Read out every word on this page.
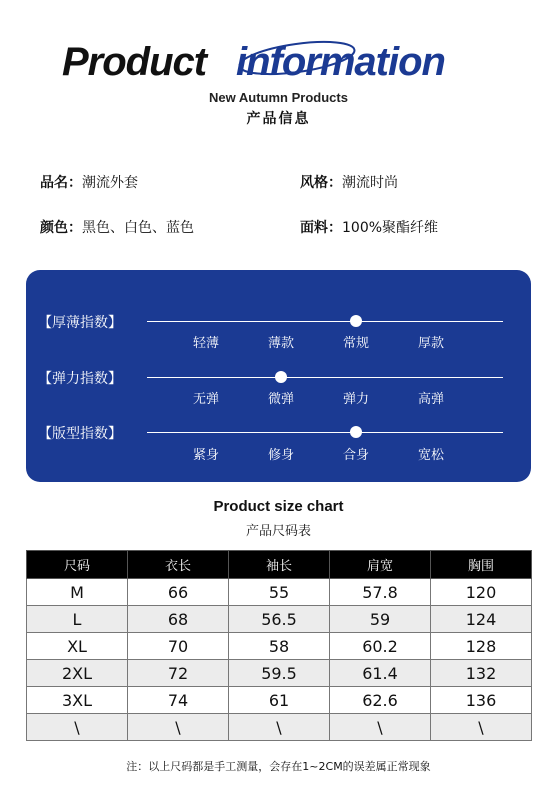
Product information
New Autumn Products
产品信息
品名：潮流外套	风格：潮流时尚
颜色：黑色、白色、蓝色	面料：100%聚酯纤维
【厚薄指数】
轻薄	薄款	常规	厚款
【弹力指数】
无弹	微弹	弹力	高弹
【版型指数】
紧身	修身	合身	宽松
Product size chart
产品尺码表
尺码	衣长	袖长	肩宽	胸围
M	66	55	57.8	120
L	68	56.5	59	124
XL	70	58	60.2	128
2XL	72	59.5	61.4	132
3XL	74	61	62.6	136
\	\	\	\	\
注：以上尺码都是手工测量，会存在1~2CM的误差属正常现象
